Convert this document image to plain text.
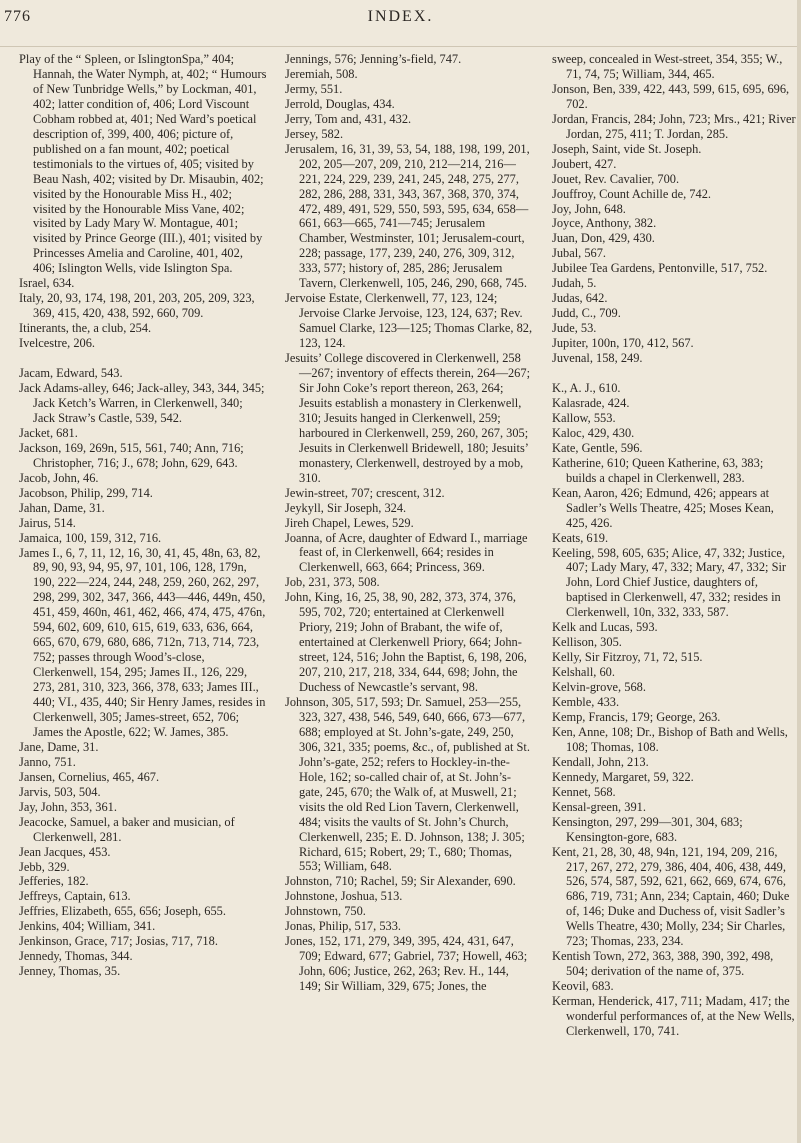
776	INDEX.

Play of the “ Spleen, or IslingtonSpa,” 404; Hannah, the Water Nymph, at, 402; “ Humours of New Tunbridge Wells,” by Lockman, 401, 402; latter condition of, 406; Lord Viscount Cobham robbed at, 401; Ned Ward’s poetical description of, 399, 400, 406; picture of, published on a fan mount, 402; poetical testimonials to the virtues of, 405; visited by Beau Nash, 402; visited by Dr. Misaubin, 402; visited by the Honourable Miss H., 402; visited by the Honourable Miss Vane, 402; visited by Lady Mary W. Montague, 401; visited by Prince George (III.), 401; visited by Princesses Amelia and Caroline, 401, 402, 406; Islington Wells, vide Islington Spa.

Israel, 634.

Italy, 20, 93, 174, 198, 201, 203, 205, 209, 323, 369, 415, 420, 438, 592, 660, 709.

Itinerants, the, a club, 254.

Ivelcestre, 206.

Jacam, Edward, 543.

Jack Adams-alley, 646; Jack-alley, 343, 344, 345; Jack Ketch’s Warren, in Clerkenwell, 340; Jack Straw’s Castle, 539, 542.

Jacket, 681.

Jackson, 169, 269n, 515, 561, 740; Ann, 716; Christopher, 716; J., 678; John, 629, 643.

Jacob, John, 46.

Jacobson, Philip, 299, 714.

Jahan, Dame, 31.

Jairus, 514.

Jamaica, 100, 159, 312, 716.

James I., 6, 7, 11, 12, 16, 30, 41, 45, 48n, 63, 82, 89, 90, 93, 94, 95, 97, 101, 106, 128, 179n, 190, 222—224, 244, 248, 259, 260, 262, 297, 298, 299, 302, 347, 366, 443—446, 449n, 450, 451, 459, 460n, 461, 462, 466, 474, 475, 476n, 594, 602, 609, 610, 615, 619, 633, 636, 664, 665, 670, 679, 680, 686, 712n, 713, 714, 723, 752; passes through Wood’s-close, Clerkenwell, 154, 295; James II., 126, 229, 273, 281, 310, 323, 366, 378, 633; James III., 440; VI., 435, 440; Sir Henry James, resides in Clerkenwell, 305; James-street, 652, 706; James the Apostle, 622; W. James, 385.

Jane, Dame, 31.

Janno, 751.

Jansen, Cornelius, 465, 467.

Jarvis, 503, 504.

Jay, John, 353, 361.

Jeacocke, Samuel, a baker and musician, of Clerkenwell, 281.

Jean Jacques, 453.

Jebb, 329.

Jefferies, 182.

Jeffreys, Captain, 613.

Jeffries, Elizabeth, 655, 656; Joseph, 655.

Jenkins, 404; William, 341.

Jenkinson, Grace, 717; Josias, 717, 718.

Jennedy, Thomas, 344.

Jenney, Thomas, 35.

Jennings, 576; Jenning’s-field, 747.

Jeremiah, 508.

Jermy, 551.

Jerrold, Douglas, 434.

Jerry, Tom and, 431, 432.

Jersey, 582.

Jerusalem, 16, 31, 39, 53, 54, 188, 198, 199, 201, 202, 205—207, 209, 210, 212—214, 216—221, 224, 229, 239, 241, 245, 248, 275, 277, 282, 286, 288, 331, 343, 367, 368, 370, 374, 472, 489, 491, 529, 550, 593, 595, 634, 658—661, 663—665, 741—745; Jerusalem Chamber, Westminster, 101; Jerusalem-court, 228; passage, 177, 239, 240, 276, 309, 312, 333, 577; history of, 285, 286; Jerusalem Tavern, Clerkenwell, 105, 246, 290, 668, 745.

Jervoise Estate, Clerkenwell, 77, 123, 124; Jervoise Clarke Jervoise, 123, 124, 637; Rev. Samuel Clarke, 123—125; Thomas Clarke, 82, 123, 124.

Jesuits’ College discovered in Clerkenwell, 258—267; inventory of effects therein, 264—267; Sir John Coke’s report thereon, 263, 264; Jesuits establish a monastery in Clerkenwell, 310; Jesuits hanged in Clerkenwell, 259; harboured in Clerkenwell, 259, 260, 267, 305; Jesuits in Clerkenwell Bridewell, 180; Jesuits’ monastery, Clerkenwell, destroyed by a mob, 310.

Jewin-street, 707; crescent, 312.

Jeykyll, Sir Joseph, 324.

Jireh Chapel, Lewes, 529.

Joanna, of Acre, daughter of Edward I., marriage feast of, in Clerkenwell, 664; resides in Clerkenwell, 663, 664; Princess, 369.

Job, 231, 373, 508.

John, King, 16, 25, 38, 90, 282, 373, 374, 376, 595, 702, 720; entertained at Clerkenwell Priory, 219; John of Brabant, the wife of, entertained at Clerkenwell Priory, 664; John-street, 124, 516; John the Baptist, 6, 198, 206, 207, 210, 217, 218, 334, 644, 698; John, the Duchess of Newcastle’s servant, 98.

Johnson, 305, 517, 593; Dr. Samuel, 253—255, 323, 327, 438, 546, 549, 640, 666, 673—677, 688; employed at St. John’s-gate, 249, 250, 306, 321, 335; poems, &c., of, published at St. John’s-gate, 252; refers to Hockley-in-the-Hole, 162; so-called chair of, at St. John’s-gate, 245, 670; the Walk of, at Muswell, 21; visits the old Red Lion Tavern, Clerkenwell, 484; visits the vaults of St. John’s Church, Clerkenwell, 235; E. D. Johnson, 138; J. 305; Richard, 615; Robert, 29; T., 680; Thomas, 553; William, 648.

Johnston, 710; Rachel, 59; Sir Alexander, 690.

Johnstone, Joshua, 513.

Johnstown, 750.

Jonas, Philip, 517, 533.

Jones, 152, 171, 279, 349, 395, 424, 431, 647, 709; Edward, 677; Gabriel, 737; Howell, 463; John, 606; Justice, 262, 263; Rev. H., 144, 149; Sir William, 329, 675; Jones, the

sweep, concealed in West-street, 354, 355; W., 71, 74, 75; William, 344, 465.

Jonson, Ben, 339, 422, 443, 599, 615, 695, 696, 702.

Jordan, Francis, 284; John, 723; Mrs., 421; River Jordan, 275, 411; T. Jordan, 285.

Joseph, Saint, vide St. Joseph.

Joubert, 427.

Jouet, Rev. Cavalier, 700.

Jouffroy, Count Achille de, 742.

Joy, John, 648.

Joyce, Anthony, 382.

Juan, Don, 429, 430.

Jubal, 567.

Jubilee Tea Gardens, Pentonville, 517, 752.

Judah, 5.

Judas, 642.

Judd, C., 709.

Jude, 53.

Jupiter, 100n, 170, 412, 567.

Juvenal, 158, 249.

K., A. J., 610.

Kalasrade, 424.

Kallow, 553.

Kaloc, 429, 430.

Kate, Gentle, 596.

Katherine, 610; Queen Katherine, 63, 383; builds a chapel in Clerkenwell, 283.

Kean, Aaron, 426; Edmund, 426; appears at Sadler’s Wells Theatre, 425; Moses Kean, 425, 426.

Keats, 619.

Keeling, 598, 605, 635; Alice, 47, 332; Justice, 407; Lady Mary, 47, 332; Mary, 47, 332; Sir John, Lord Chief Justice, daughters of, baptised in Clerkenwell, 47, 332; resides in Clerkenwell, 10n, 332, 333, 587.

Kelk and Lucas, 593.

Kellison, 305.

Kelly, Sir Fitzroy, 71, 72, 515.

Kelshall, 60.

Kelvin-grove, 568.

Kemble, 433.

Kemp, Francis, 179; George, 263.

Ken, Anne, 108; Dr., Bishop of Bath and Wells, 108; Thomas, 108.

Kendall, John, 213.

Kennedy, Margaret, 59, 322.

Kennet, 568.

Kensal-green, 391.

Kensington, 297, 299—301, 304, 683; Kensington-gore, 683.

Kent, 21, 28, 30, 48, 94n, 121, 194, 209, 216, 217, 267, 272, 279, 386, 404, 406, 438, 449, 526, 574, 587, 592, 621, 662, 669, 674, 676, 686, 719, 731; Ann, 234; Captain, 460; Duke of, 146; Duke and Duchess of, visit Sadler’s Wells Theatre, 430; Molly, 234; Sir Charles, 723; Thomas, 233, 234.

Kentish Town, 272, 363, 388, 390, 392, 498, 504; derivation of the name of, 375.

Keovil, 683.

Kerman, Henderick, 417, 711; Madam, 417; the wonderful performances of, at the New Wells, Clerkenwell, 170, 741.
